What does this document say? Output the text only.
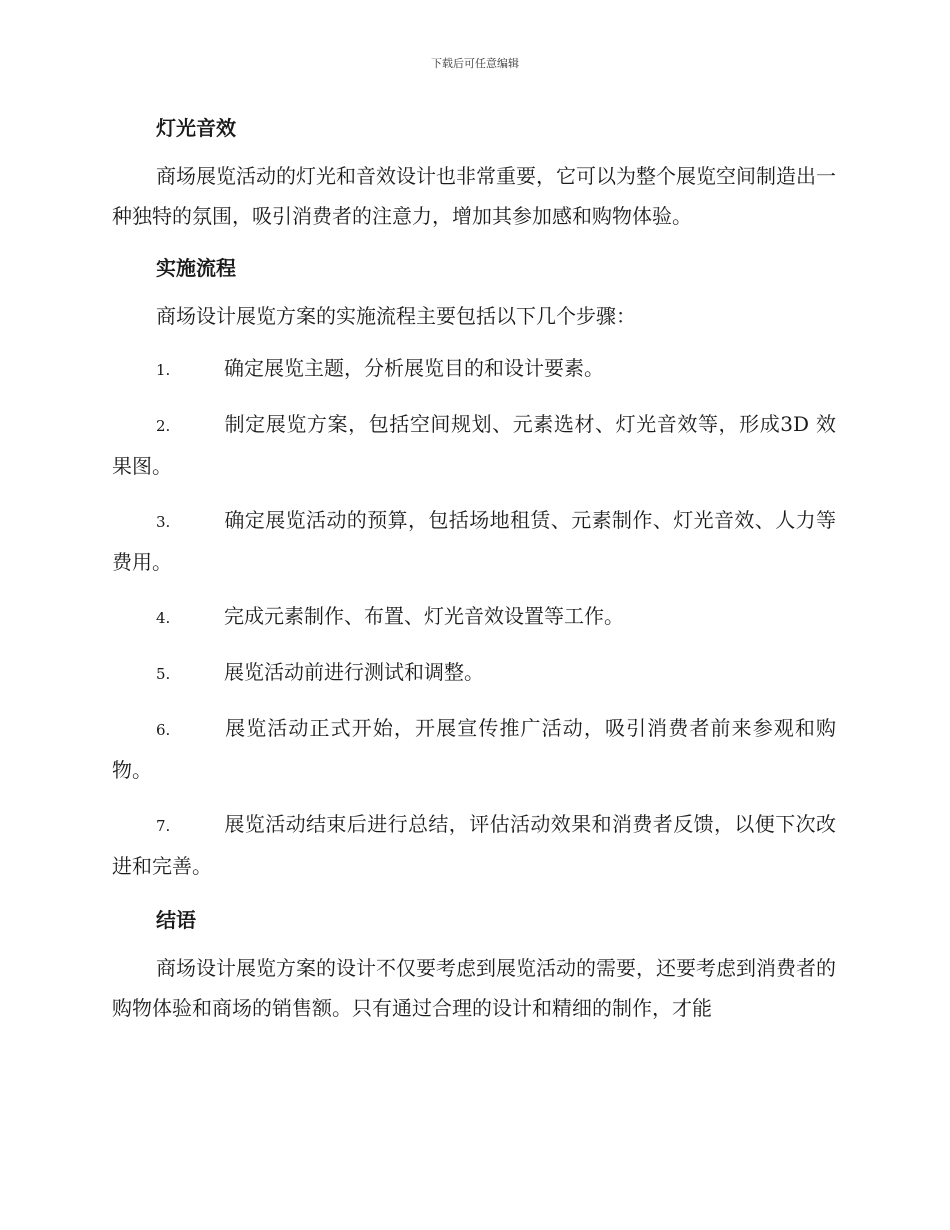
下载后可任意编辑
灯光音效

商场展览活动的灯光和音效设计也非常重要，它可以为整个展览空间制造出一种独特的氛围，吸引消费者的注意力，增加其参加感和购物体验。

实施流程

商场设计展览方案的实施流程主要包括以下几个步骤：

1.	确定展览主题，分析展览目的和设计要素。
2.	制定展览方案，包括空间规划、元素选材、灯光音效等，形成3D 效果图。
3.	确定展览活动的预算，包括场地租赁、元素制作、灯光音效、人力等费用。
4.	完成元素制作、布置、灯光音效设置等工作。
5.	展览活动前进行测试和调整。
6.	展览活动正式开始，开展宣传推广活动，吸引消费者前来参观和购物。
7.	展览活动结束后进行总结，评估活动效果和消费者反馈，以便下次改进和完善。
结语

商场设计展览方案的设计不仅要考虑到展览活动的需要，还要考虑到消费者的购物体验和商场的销售额。只有通过合理的设计和精细的制作，才能
